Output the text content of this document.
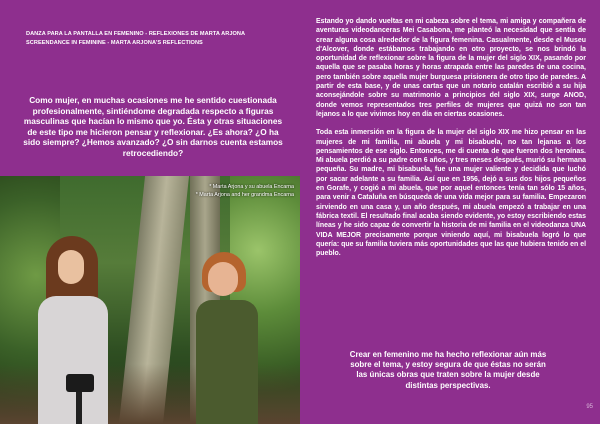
DANZA PARA LA PANTALLA EN FEMENINO - REFLEXIONES DE MARTA ARJONA
SCREENDANCE IN FEMININE - MARTA ARJONA'S REFLECTIONS
Como mujer, en muchas ocasiones me he sentido cuestionada profesionalmente, sintiéndome degradada respecto a figuras masculinas que hacían lo mismo que yo. Ésta y otras situaciones de este tipo me hicieron pensar y reflexionar. ¿Es ahora? ¿O ha sido siempre? ¿Hemos avanzado? ¿O sin darnos cuenta estamos retrocediendo?
* Marta Arjona y su abuela Encarna
* Marta Arjona and her grandma Encarna

Estando yo dando vueltas en mi cabeza sobre el tema, mi amiga y compañera de aventuras videodanceras Mei Casabona, me planteó la necesidad que sentía de crear alguna cosa alrededor de la figura femenina. Casualmente, desde el Museu d'Alcover, donde estábamos trabajando en otro proyecto, se nos brindó la oportunidad de reflexionar sobre la figura de la mujer del siglo XIX, pasando por aquella que se pasaba horas y horas atrapada entre las paredes de una cocina, pero también sobre aquella mujer burguesa prisionera de otro tipo de paredes. A partir de esta base, y de unas cartas que un notario catalán escribió a su hija aconsejándole sobre su matrimonio a principios del siglo XIX, surge ANOD, donde vemos representados tres perfiles de mujeres que quizá no son tan lejanos a lo que vivimos hoy en día en ciertas ocasiones.

Toda esta inmersión en la figura de la mujer del siglo XIX me hizo pensar en las mujeres de mi familia, mi abuela y mi bisabuela, no tan lejanas a los pensamientos de ese siglo. Entonces, me di cuenta de que fueron dos heroínas. Mi abuela perdió a su padre con 6 años, y tres meses después, murió su hermana pequeña. Su madre, mi bisabuela, fue una mujer valiente y decidida que luchó por sacar adelante a su familia. Así que en 1956, dejó a sus dos hijos pequeños en Gorafe, y cogió a mi abuela, que por aquel entonces tenía tan sólo 15 años, para venir a Cataluña en búsqueda de una vida mejor para su familia. Empezaron sirviendo en una casa y, un año después, mi abuela empezó a trabajar en una fábrica textil. El resultado final acaba siendo evidente, yo estoy escribiendo estas líneas y he sido capaz de convertir la historia de mi familia en el videodanza UNA VIDA MEJOR precisamente porque viniendo aquí, mi bisabuela logró lo que quería: que su familia tuviera más oportunidades que las que hubiera tenido en el pueblo.

Crear en femenino me ha hecho reflexionar aún más sobre el tema, y estoy segura de que éstas no serán las únicas obras que traten sobre la mujer desde distintas perspectivas.
95
